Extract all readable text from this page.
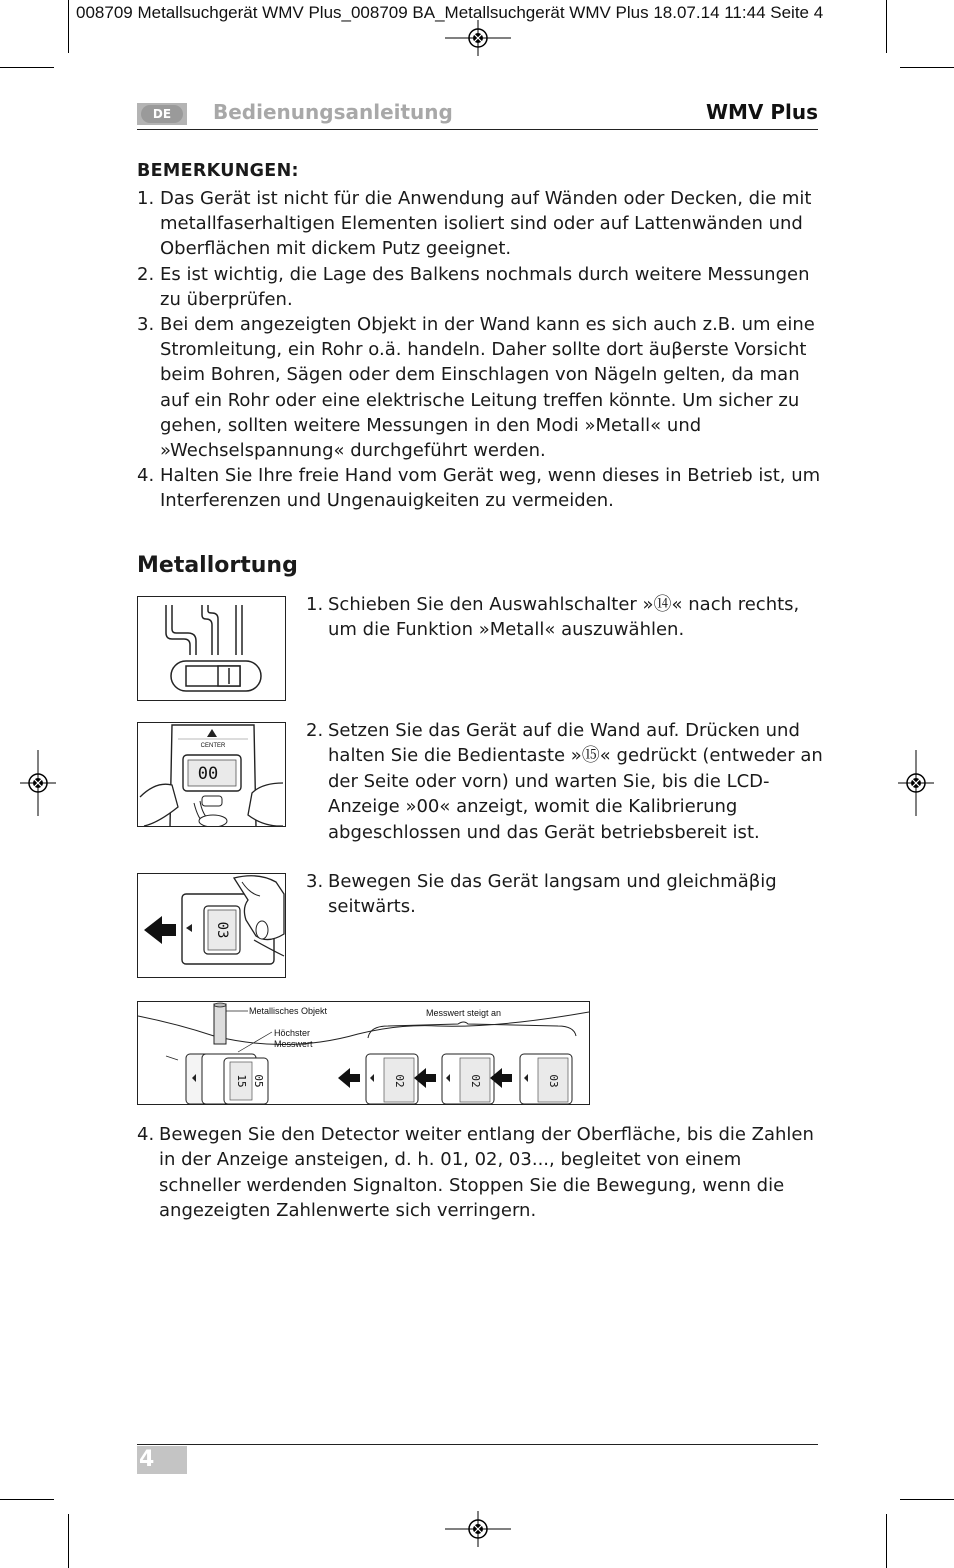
008709 Metallsuchgerät WMV Plus_008709 BA_Metallsuchgerät WMV Plus 18.07.14 11:44 Seite 4
DE	Bedienungsanleitung	WMV Plus
BEMERKUNGEN:
1. Das Gerät ist nicht für die Anwendung auf Wänden oder Decken, die mit metallfaserhaltigen Elementen isoliert sind oder auf Lattenwänden und Oberflächen mit dickem Putz geeignet.
2. Es ist wichtig, die Lage des Balkens nochmals durch weitere Messungen zu überprüfen.
3. Bei dem angezeigten Objekt in der Wand kann es sich auch z.B. um eine Stromleitung, ein Rohr o.ä. handeln. Daher sollte dort äuβerste Vorsicht beim Bohren, Sägen oder dem Einschlagen von Nägeln gelten, da man auf ein Rohr oder eine elektrische Leitung treffen könnte. Um sicher zu gehen, sollten weitere Messungen in den Modi »Metall« und »Wechselspannung« durchgeführt werden.
4. Halten Sie Ihre freie Hand vom Gerät weg, wenn dieses in Betrieb ist, um Interferenzen und Ungenauigkeiten zu vermeiden.
Metallortung
1. Schieben Sie den Auswahlschalter »⑭« nach rechts, um die Funktion »Metall« auszuwählen.
CENTER
00
2. Setzen Sie das Gerät auf die Wand auf. Drücken und halten Sie die Bedientaste »⑮« gedrückt (entweder an der Seite oder vorn) und warten Sie, bis die LCD-Anzeige »00« anzeigt, womit die Kalibrierung abgeschlossen und das Gerät betriebsbereit ist.
03
3. Bewegen Sie das Gerät langsam und gleichmäβig seitwärts.
Metallisches Objekt
Höchster
Messwert
Messwert steigt an
15 05	02	02	03
4. Bewegen Sie den Detector weiter entlang der Oberfläche, bis die Zahlen in der Anzeige ansteigen, d. h. 01, 02, 03..., begleitet von einem schneller werdenden Signalton. Stoppen Sie die Bewegung, wenn die angezeigten Zahlenwerte sich verringern.
4
